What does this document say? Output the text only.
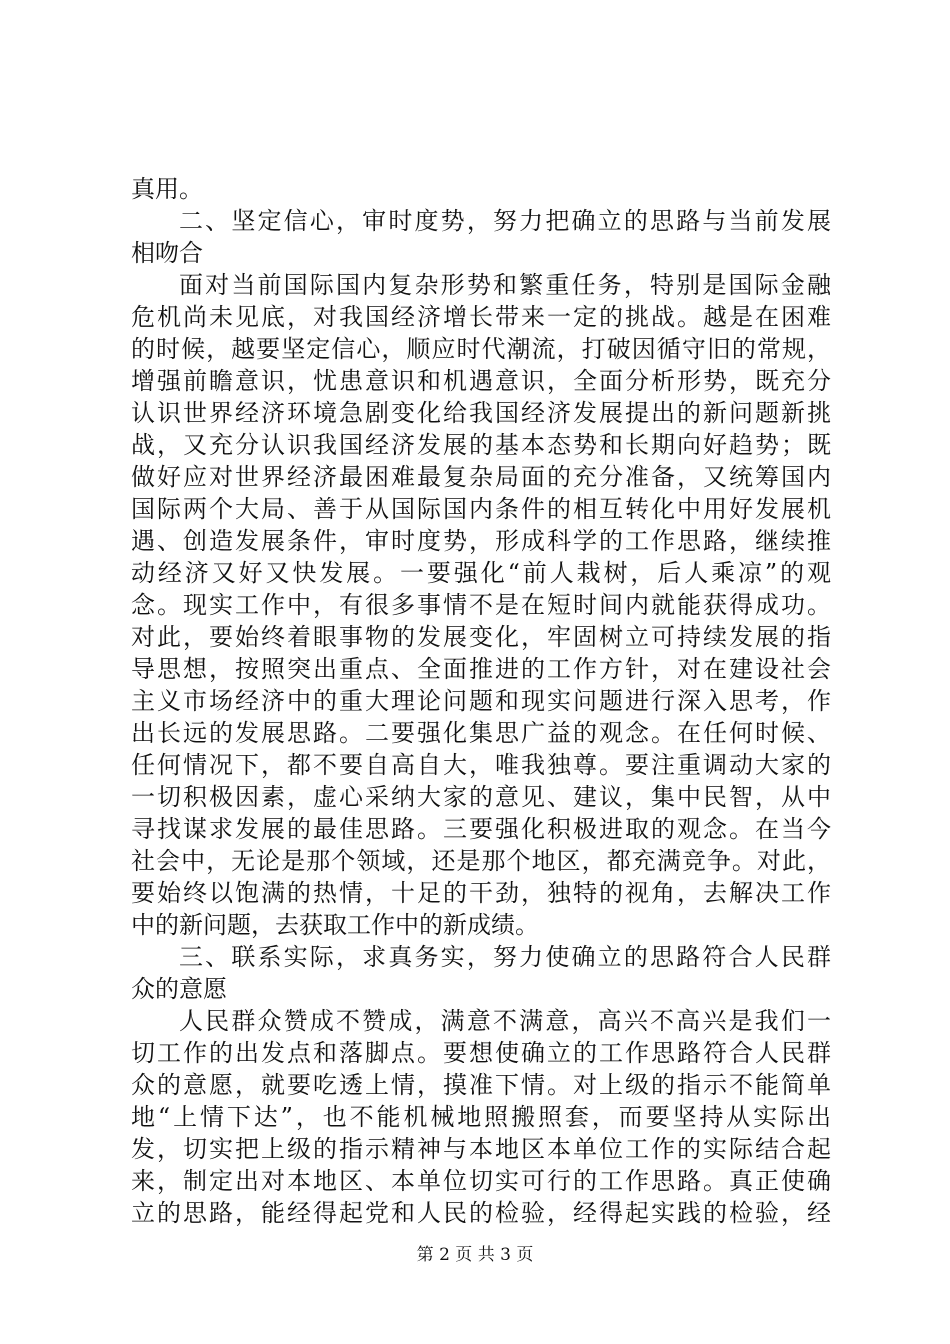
真用。
二、坚定信心，审时度势，努力把确立的思路与当前发展
相吻合
面对当前国际国内复杂形势和繁重任务，特别是国际金融
危机尚未见底，对我国经济增长带来一定的挑战。越是在困难
的时候，越要坚定信心，顺应时代潮流，打破因循守旧的常规，
增强前瞻意识，忧患意识和机遇意识，全面分析形势，既充分
认识世界经济环境急剧变化给我国经济发展提出的新问题新挑
战，又充分认识我国经济发展的基本态势和长期向好趋势；既
做好应对世界经济最困难最复杂局面的充分准备，又统筹国内
国际两个大局、善于从国际国内条件的相互转化中用好发展机
遇、创造发展条件，审时度势，形成科学的工作思路，继续推
动经济又好又快发展。一要强化“前人栽树，后人乘凉”的观
念。现实工作中，有很多事情不是在短时间内就能获得成功。
对此，要始终着眼事物的发展变化，牢固树立可持续发展的指
导思想，按照突出重点、全面推进的工作方针，对在建设社会
主义市场经济中的重大理论问题和现实问题进行深入思考，作
出长远的发展思路。二要强化集思广益的观念。在任何时候、
任何情况下，都不要自高自大，唯我独尊。要注重调动大家的
一切积极因素，虚心采纳大家的意见、建议，集中民智，从中
寻找谋求发展的最佳思路。三要强化积极进取的观念。在当今
社会中，无论是那个领域，还是那个地区，都充满竞争。对此，
要始终以饱满的热情，十足的干劲，独特的视角，去解决工作
中的新问题，去获取工作中的新成绩。
三、联系实际，求真务实，努力使确立的思路符合人民群
众的意愿
人民群众赞成不赞成，满意不满意，高兴不高兴是我们一
切工作的出发点和落脚点。要想使确立的工作思路符合人民群
众的意愿，就要吃透上情，摸准下情。对上级的指示不能简单
地“上情下达”，也不能机械地照搬照套，而要坚持从实际出
发，切实把上级的指示精神与本地区本单位工作的实际结合起
来，制定出对本地区、本单位切实可行的工作思路。真正使确
立的思路，能经得起党和人民的检验，经得起实践的检验，经
第 2 页 共 3 页
